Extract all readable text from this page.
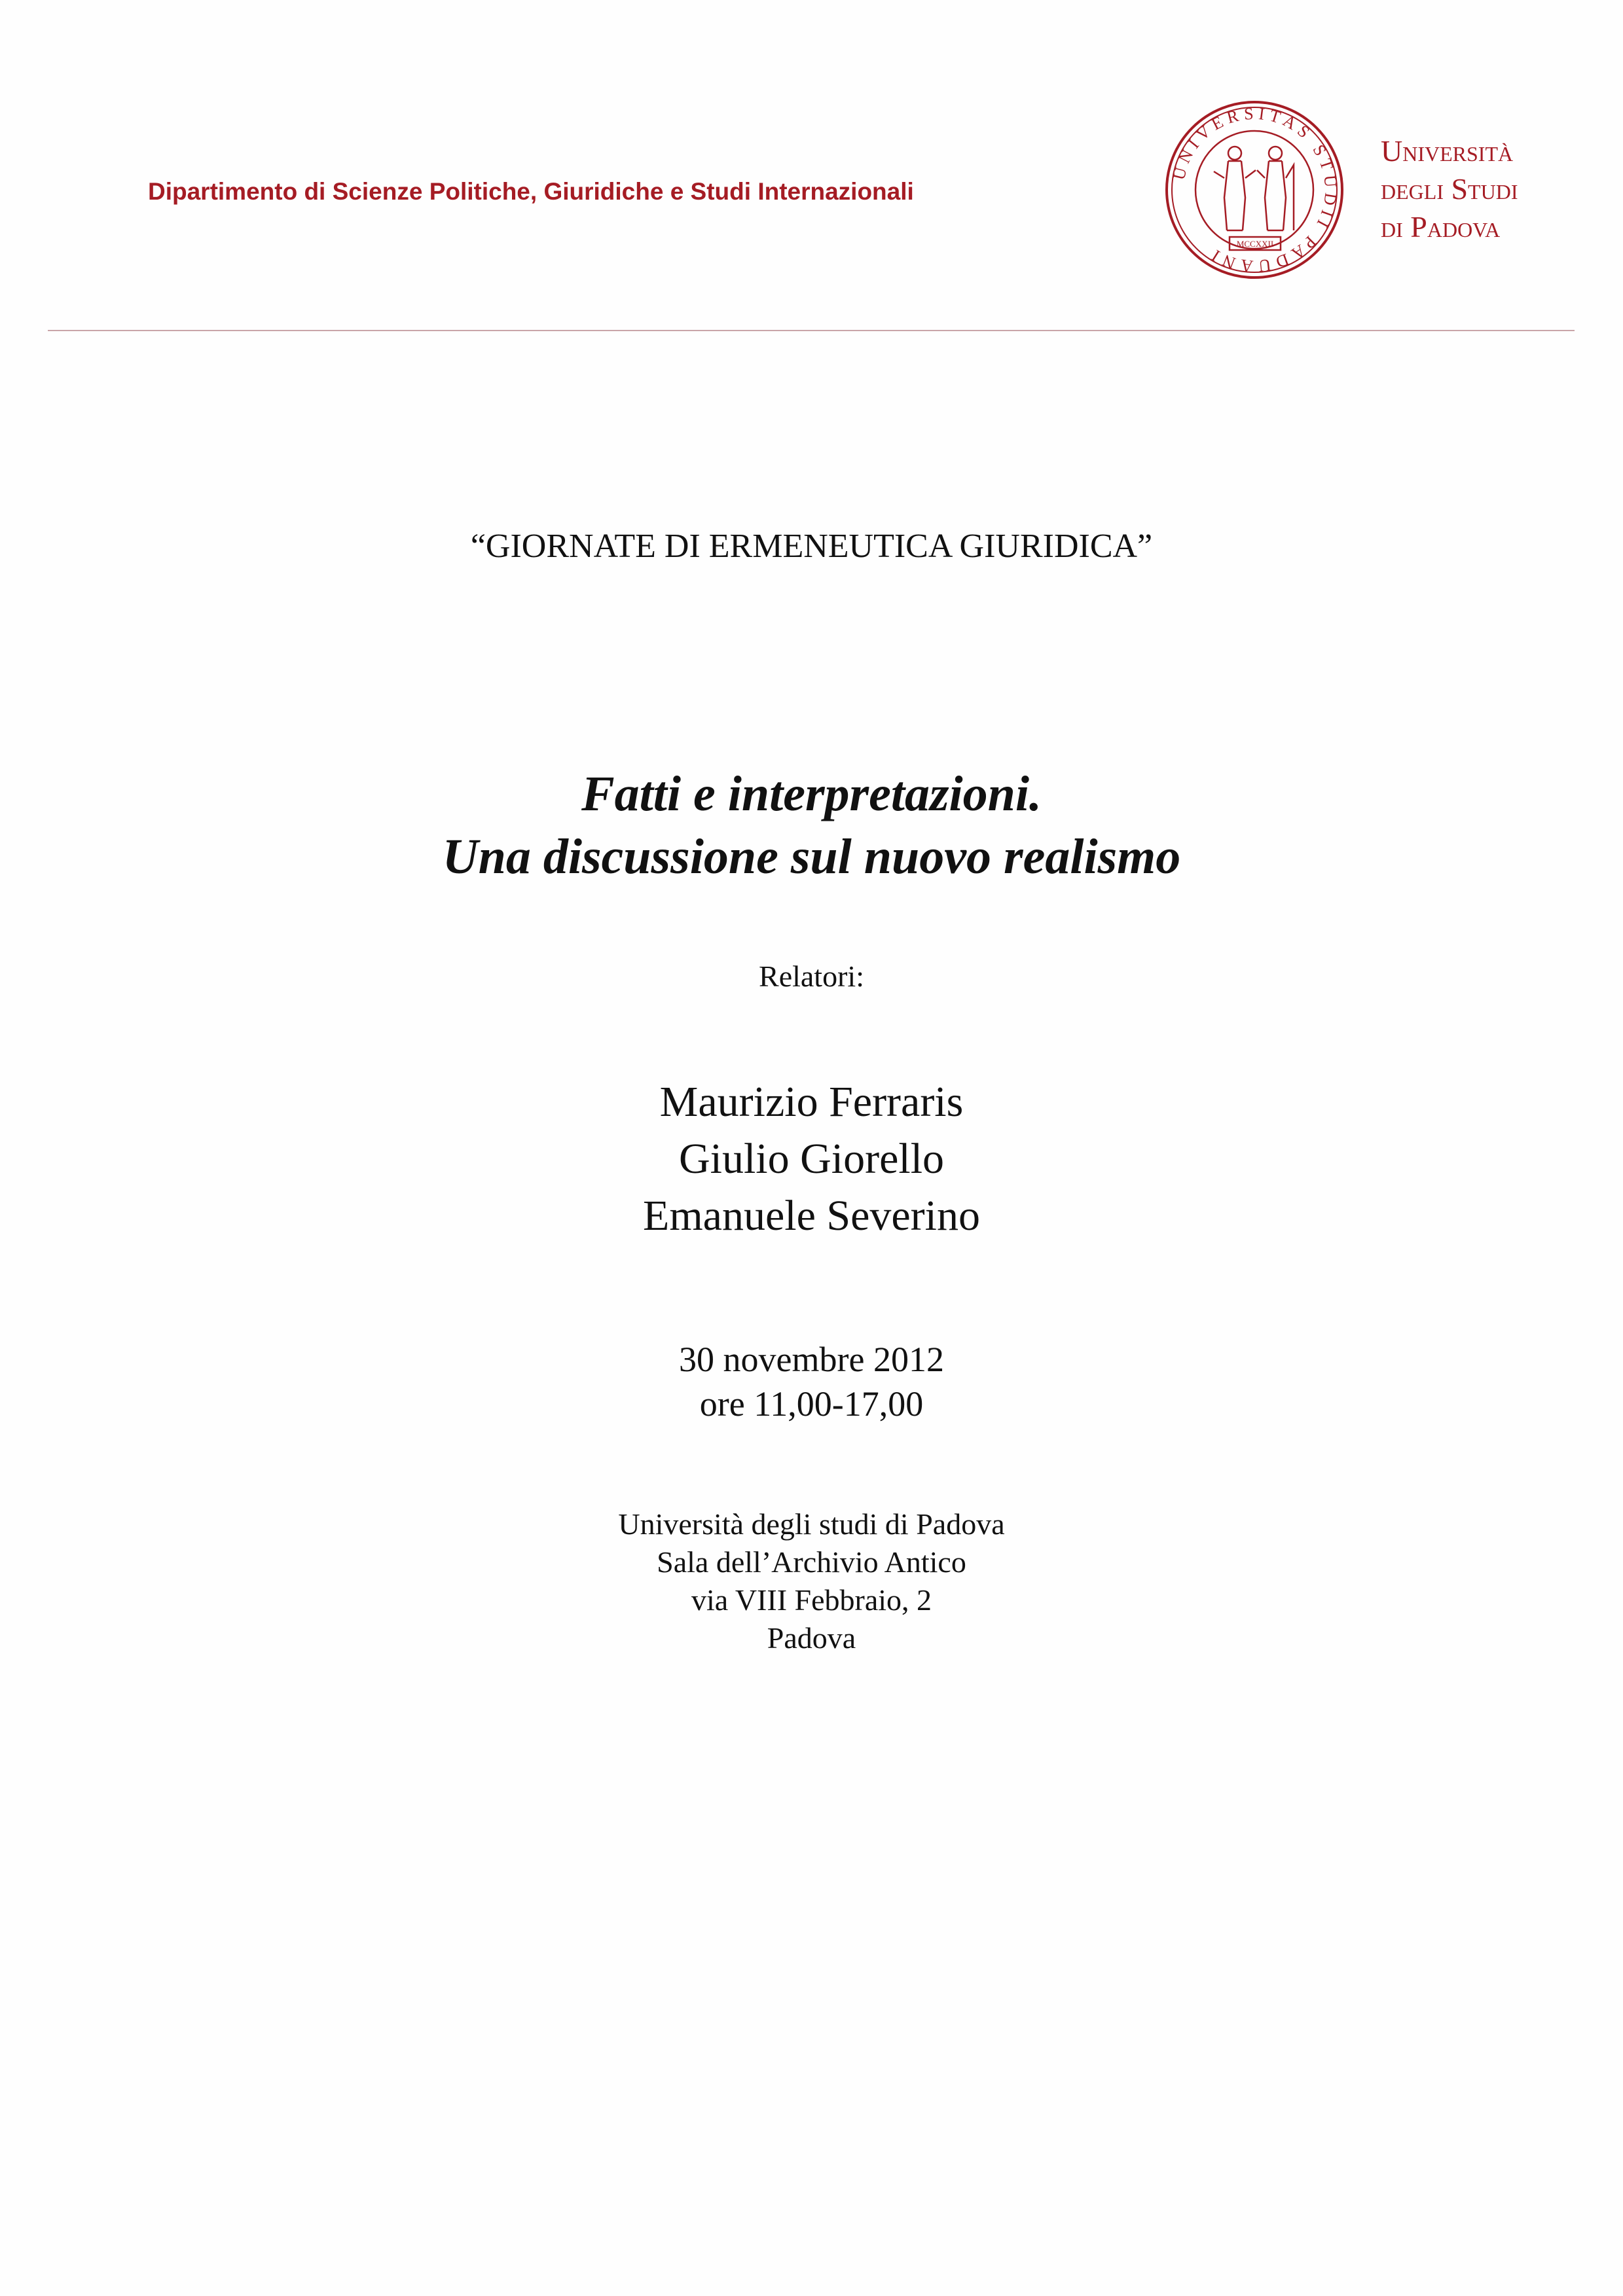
Dipartimento di Scienze Politiche, Giuridiche e Studi Internazionali
UNIVERSITAS STUDII PADUANI	MCCXXII
Università
degli Studi
di Padova
“GIORNATE DI ERMENEUTICA GIURIDICA”
Fatti e interpretazioni.
Una discussione sul nuovo realismo
Relatori:
Maurizio Ferraris
Giulio Giorello
Emanuele Severino
30 novembre 2012
ore 11,00-17,00
Università degli studi di Padova
Sala dell’Archivio Antico
via VIII Febbraio, 2
Padova
